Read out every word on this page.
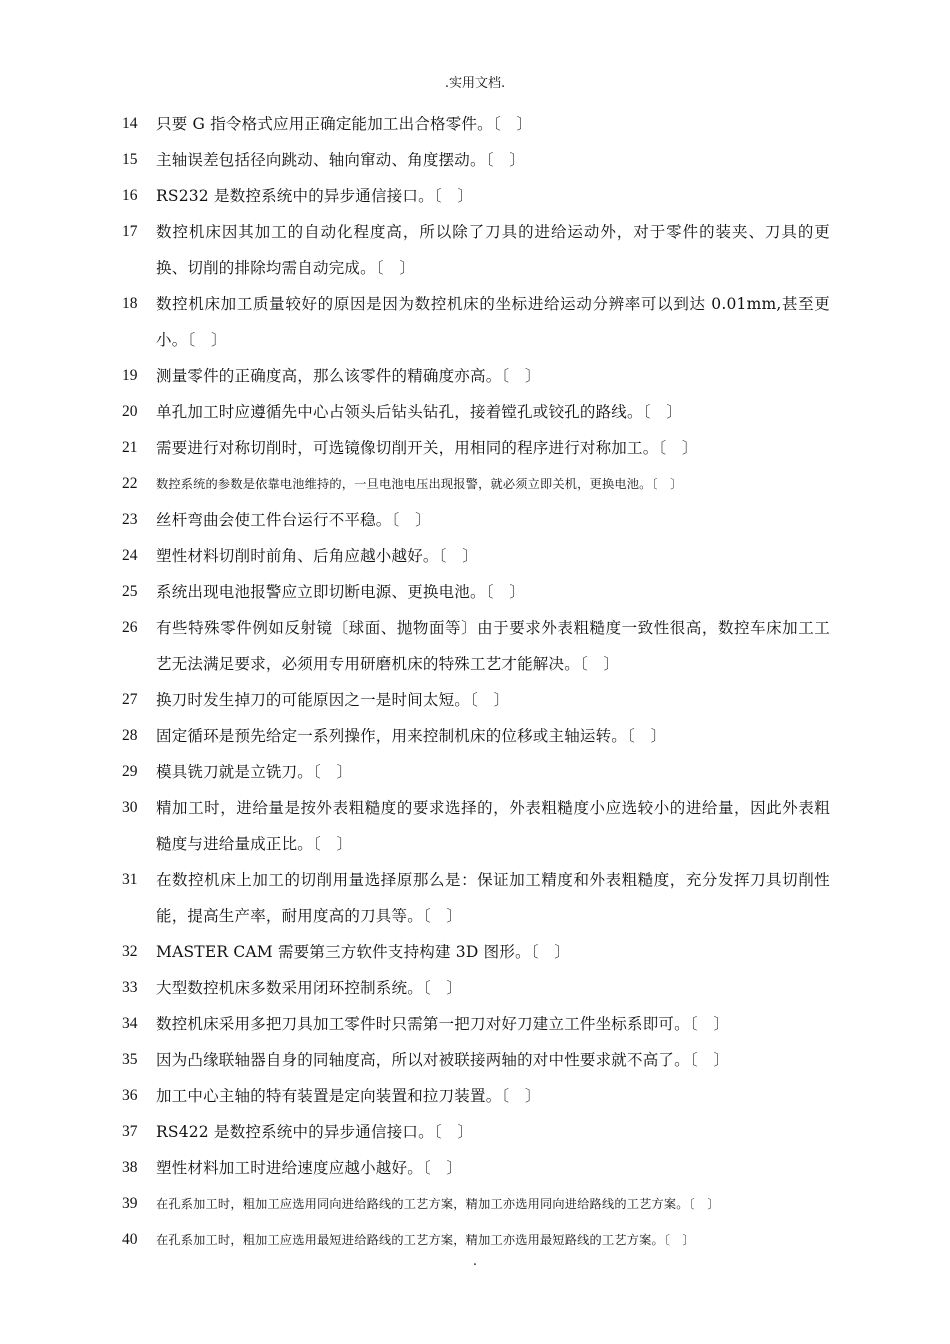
.实用文档.
14	只要 G 指令格式应用正确定能加工出合格零件。〔　〕
15	主轴误差包括径向跳动、轴向窜动、角度摆动。〔　〕
16	RS232 是数控系统中的异步通信接口。〔　〕
17	数控机床因其加工的自动化程度高，所以除了刀具的进给运动外，对于零件的装夹、刀具的更换、切削的排除均需自动完成。〔　〕
18	数控机床加工质量较好的原因是因为数控机床的坐标进给运动分辨率可以到达 0.01mm,甚至更小。〔　〕
19	测量零件的正确度高，那么该零件的精确度亦高。〔　〕
20	单孔加工时应遵循先中心占领头后钻头钻孔，接着镗孔或铰孔的路线。〔　〕
21	需要进行对称切削时，可选镜像切削开关，用相同的程序进行对称加工。〔　〕
22	数控系统的参数是依靠电池维持的，一旦电池电压出现报警，就必须立即关机，更换电池。〔　〕
23	丝杆弯曲会使工件台运行不平稳。〔　〕
24	塑性材料切削时前角、后角应越小越好。〔　〕
25	系统出现电池报警应立即切断电源、更换电池。〔　〕
26	有些特殊零件例如反射镜〔球面、抛物面等〕由于要求外表粗糙度一致性很高，数控车床加工工艺无法满足要求，必须用专用研磨机床的特殊工艺才能解决。〔　〕
27	换刀时发生掉刀的可能原因之一是时间太短。〔　〕
28	固定循环是预先给定一系列操作，用来控制机床的位移或主轴运转。〔　〕
29	模具铣刀就是立铣刀。〔　〕
30	精加工时，进给量是按外表粗糙度的要求选择的，外表粗糙度小应选较小的进给量，因此外表粗糙度与进给量成正比。〔　〕
31	在数控机床上加工的切削用量选择原那么是：保证加工精度和外表粗糙度，充分发挥刀具切削性能，提高生产率，耐用度高的刀具等。〔　〕
32	MASTER CAM 需要第三方软件支持构建 3D 图形。〔　〕
33	大型数控机床多数采用闭环控制系统。〔　〕
34	数控机床采用多把刀具加工零件时只需第一把刀对好刀建立工件坐标系即可。〔　〕
35	因为凸缘联轴器自身的同轴度高，所以对被联接两轴的对中性要求就不高了。〔　〕
36	加工中心主轴的特有装置是定向装置和拉刀装置。〔　〕
37	RS422 是数控系统中的异步通信接口。〔　〕
38	塑性材料加工时进给速度应越小越好。〔　〕
39	在孔系加工时，粗加工应选用同向进给路线的工艺方案，精加工亦选用同向进给路线的工艺方案。〔　〕
40	在孔系加工时，粗加工应选用最短进给路线的工艺方案，精加工亦选用最短路线的工艺方案。〔　〕
.
